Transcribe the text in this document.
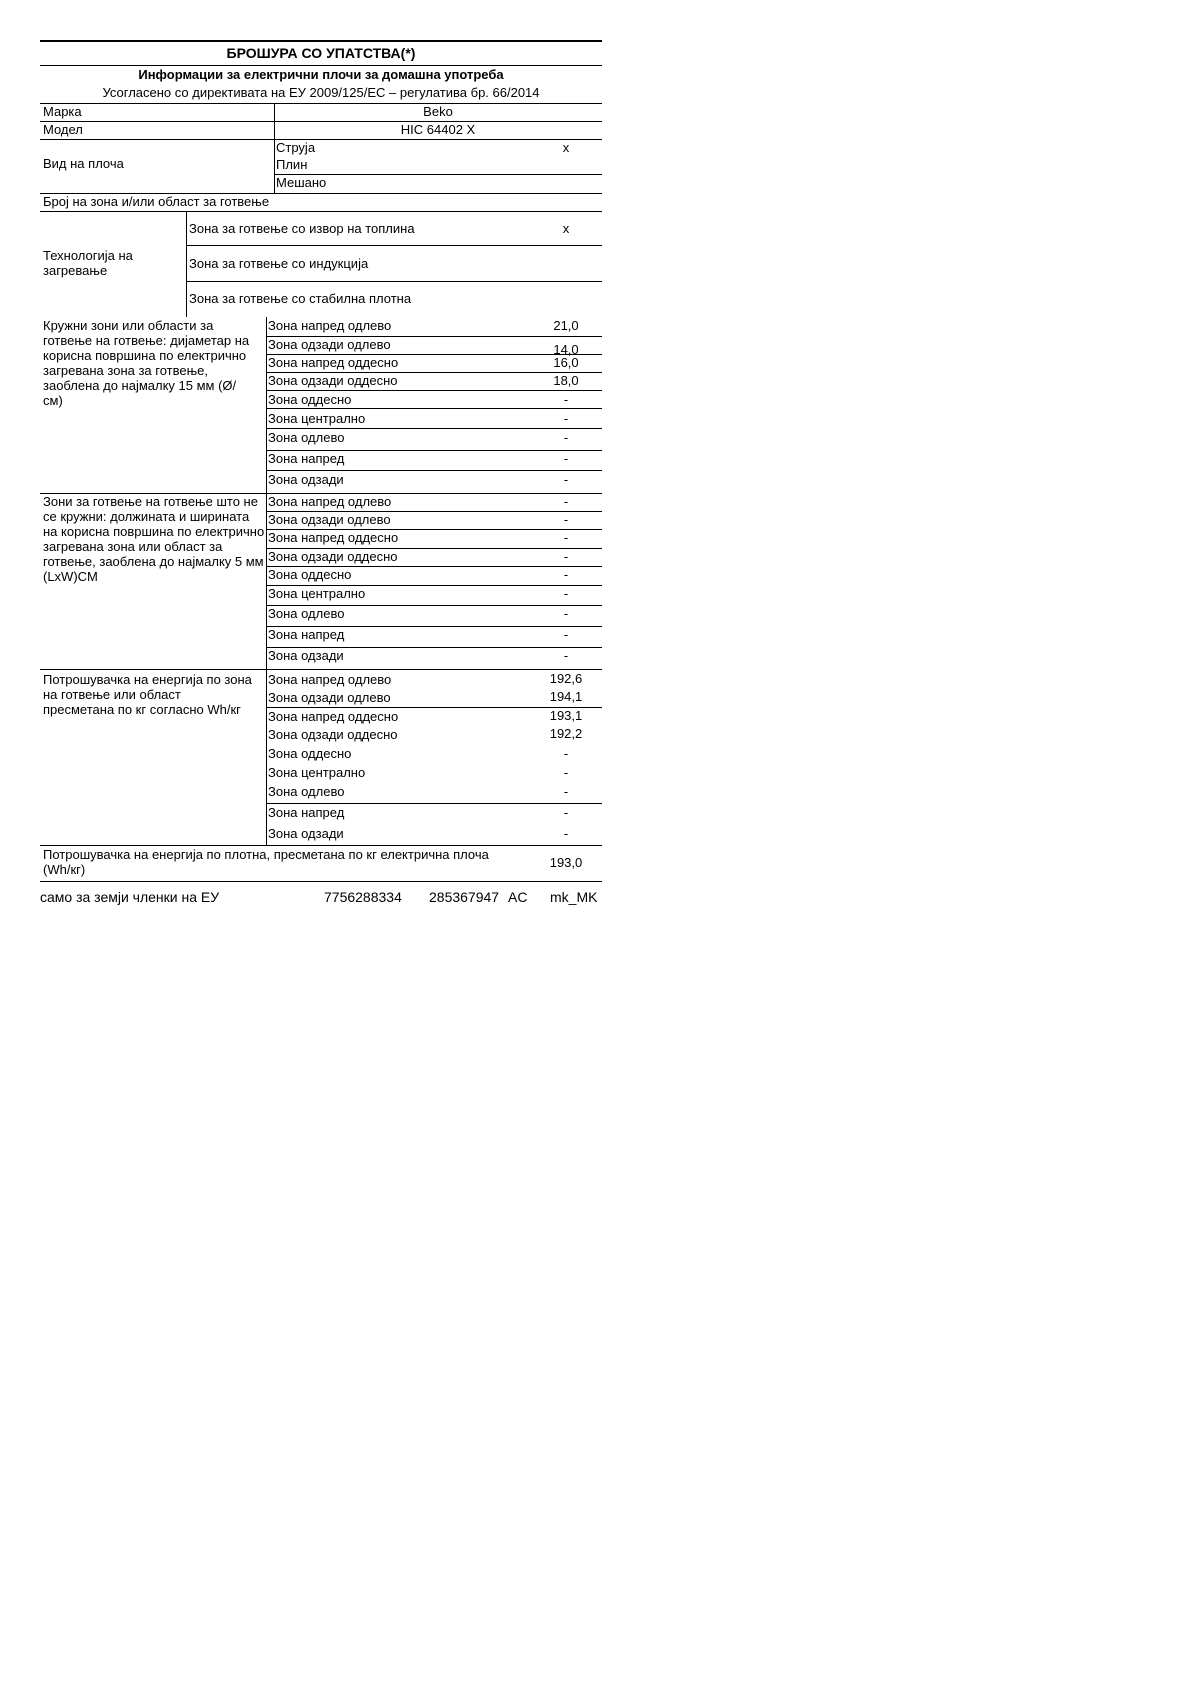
БРОШУРА СО УПАТСТВА(*)
Информации за електрични плочи за домашна употреба
Усогласено со директивата на ЕУ 2009/125/EC – регулатива бр. 66/2014
Марка	Beko
Модел	HIC 64402 X
Вид на плоча
Струја	x
Плин
Мешано
Број на зона и/или област за готвење
Технологија на загревање
Зона за готвење со извор на топлина	x
Зона за готвење со индукција
Зона за готвење со стабилна плотна
Кружни зони или области за готвење на готвење: дијаметар на корисна површина по електрично загревана зона за готвење, заоблена до најмалку 15 мм (Ø/см)
Зона напред одлево	21,0
Зона одзади одлево	14,0
Зона напред оддесно	16,0
Зона одзади оддесно	18,0
Зона оддесно	-
Зона централно	-
Зона одлево	-
Зона напред	-
Зона одзади	-
Зони за готвење на готвење што не се кружни: должината и ширината на корисна површина по електрично загревана зона или област за готвење, заоблена до најмалку 5 мм (LxW)CM
Зона напред одлево	-
Зона одзади одлево	-
Зона напред оддесно	-
Зона одзади оддесно	-
Зона оддесно	-
Зона централно	-
Зона одлево	-
Зона напред	-
Зона одзади	-
Потрошувачка на енергија по зона на готвење или област пресметана по кг согласно Wh/кг
Зона напред одлево	192,6
Зона одзади одлево	194,1
Зона напред оддесно	193,1
Зона одзади оддесно	192,2
Зона оддесно	-
Зона централно	-
Зона одлево	-
Зона напред	-
Зона одзади	-
Потрошувачка на енергија по плотна, пресметана по кг електрична плоча (Wh/кг)	193,0
само за земји членки на ЕУ	7756288334 285367947 AC mk_MK
